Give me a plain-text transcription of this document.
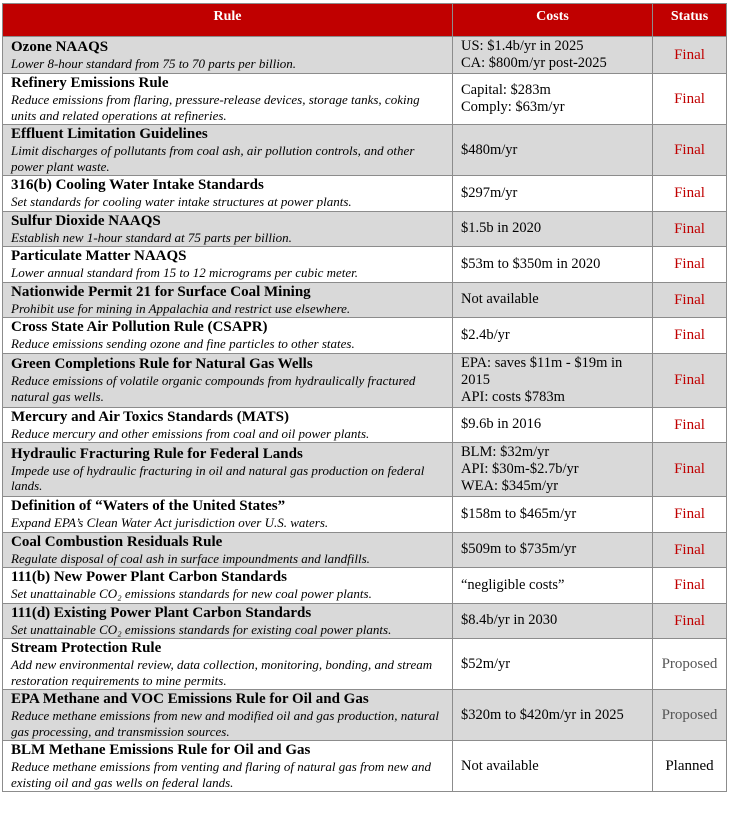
Rule	Costs	Status

Ozone NAAQS
Lower 8-hour standard from 75 to 70 parts per billion.	US: $1.4b/yr in 2025
CA: $800m/yr post-2025	Final

Refinery Emissions Rule
Reduce emissions from flaring, pressure-release devices, storage tanks, coking units and related operations at refineries.	Capital: $283m
Comply: $63m/yr	Final

Effluent Limitation Guidelines
Limit discharges of pollutants from coal ash, air pollution controls, and other power plant waste.	$480m/yr	Final

316(b) Cooling Water Intake Standards
Set standards for cooling water intake structures at power plants.	$297m/yr	Final

Sulfur Dioxide NAAQS
Establish new 1-hour standard at 75 parts per billion.	$1.5b in 2020	Final

Particulate Matter NAAQS
Lower annual standard from 15 to 12 micrograms per cubic meter.	$53m to $350m in 2020	Final

Nationwide Permit 21 for Surface Coal Mining
Prohibit use for mining in Appalachia and restrict use elsewhere.	Not available	Final

Cross State Air Pollution Rule (CSAPR)
Reduce emissions sending ozone and fine particles to other states.	$2.4b/yr	Final

Green Completions Rule for Natural Gas Wells
Reduce emissions of volatile organic compounds from hydraulically fractured natural gas wells.	EPA: saves $11m - $19m in 2015
API: costs $783m	Final

Mercury and Air Toxics Standards (MATS)
Reduce mercury and other emissions from coal and oil power plants.	$9.6b in 2016	Final

Hydraulic Fracturing Rule for Federal Lands
Impede use of hydraulic fracturing in oil and natural gas production on federal lands.	BLM: $32m/yr
API: $30m-$2.7b/yr
WEA: $345m/yr	Final

Definition of “Waters of the United States”
Expand EPA’s Clean Water Act jurisdiction over U.S. waters.	$158m to $465m/yr	Final

Coal Combustion Residuals Rule
Regulate disposal of coal ash in surface impoundments and landfills.	$509m to $735m/yr	Final

111(b) New Power Plant Carbon Standards
Set unattainable CO₂ emissions standards for new coal power plants.	“negligible costs”	Final

111(d) Existing Power Plant Carbon Standards
Set unattainable CO₂ emissions standards for existing coal power plants.	$8.4b/yr in 2030	Final

Stream Protection Rule
Add new environmental review, data collection, monitoring, bonding, and stream restoration requirements to mine permits.	$52m/yr	Proposed

EPA Methane and VOC Emissions Rule for Oil and Gas
Reduce methane emissions from new and modified oil and gas production, natural gas processing, and transmission sources.	$320m to $420m/yr in 2025	Proposed

BLM Methane Emissions Rule for Oil and Gas
Reduce methane emissions from venting and flaring of natural gas from new and existing oil and gas wells on federal lands.	Not available	Planned
